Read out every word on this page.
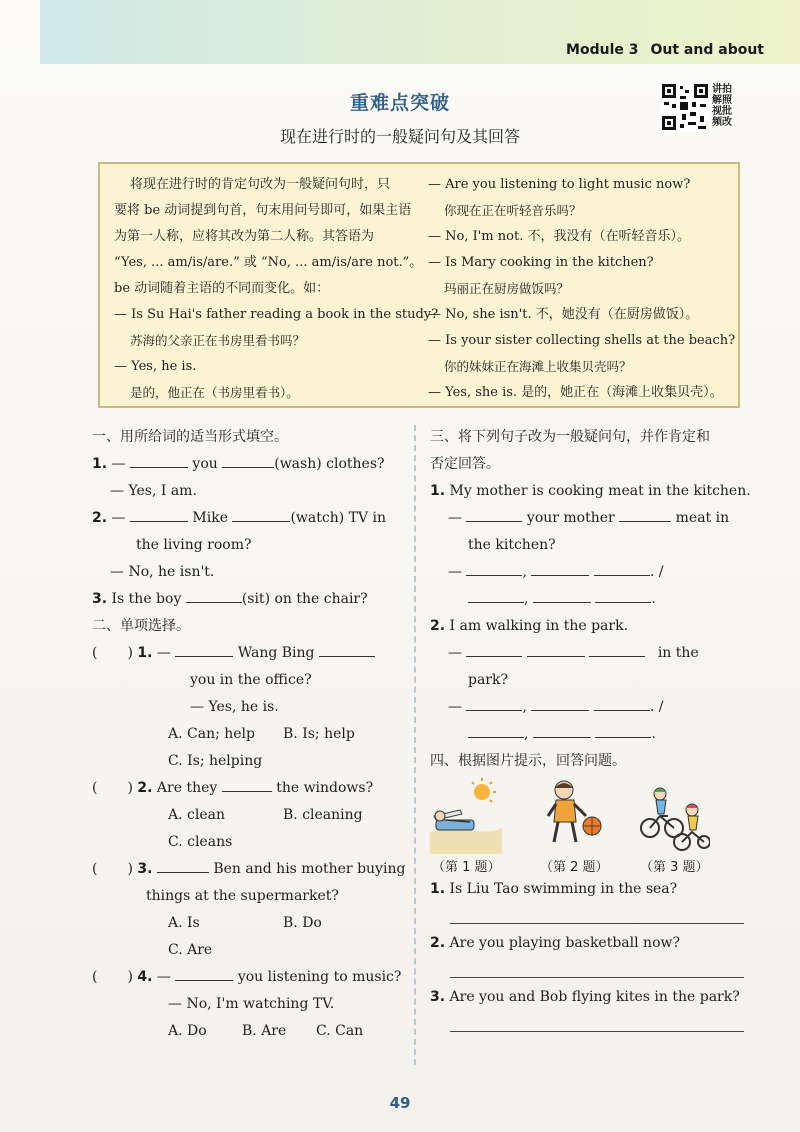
Module 3 Out and about
重难点突破
现在进行时的一般疑问句及其回答
讲拍
解照
视批
频改
将现在进行时的肯定句改为一般疑问句时，只
要将 be 动词提到句首，句末用问号即可，如果主语
为第一人称，应将其改为第二人称。其答语为
“Yes, ... am/is/are.” 或 “No, ... am/is/are not.”。
be 动词随着主语的不同而变化。如：
— Is Su Hai's father reading a book in the study?
苏海的父亲正在书房里看书吗？
— Yes, he is.
是的，他正在（书房里看书）。
— Are you listening to light music now?
你现在正在听轻音乐吗？
— No, I'm not. 不，我没有（在听轻音乐）。
— Is Mary cooking in the kitchen?
玛丽正在厨房做饭吗？
— No, she isn't. 不，她没有（在厨房做饭）。
— Is your sister collecting shells at the beach?
你的妹妹正在海滩上收集贝壳吗？
— Yes, she is. 是的，她正在（海滩上收集贝壳）。
一、用所给词的适当形式填空。
1. —	you	(wash) clothes?
— Yes, I am.
2. —	Mike	(watch) TV in
the living room?
— No, he isn't.
3. Is the boy	(sit) on the chair?
二、单项选择。
( ) 1. —	Wang Bing
you in the office?
— Yes, he is.
A. Can; help B. Is; help
C. Is; helping
( ) 2. Are they	the windows?
A. clean	B. cleaning
C. cleans
( ) 3.	Ben and his mother buying
things at the supermarket?
A. Is	B. Do
C. Are
( ) 4. —	you listening to music?
— No, I'm watching TV.
A. Do	B. Are C. Can
三、将下列句子改为一般疑问句，并作肯定和
否定回答。
1. My mother is cooking meat in the kitchen.
—	your mother	meat in
the kitchen?
—	,	. /
,	.
2. I am walking in the park.
—	in the
park?
—	,	. /
,	.
四、根据图片提示，回答问题。
（第 1 题）	（第 2 题） （第 3 题）
1. Is Liu Tao swimming in the sea?
2. Are you playing basketball now?
3. Are you and Bob flying kites in the park?
49
